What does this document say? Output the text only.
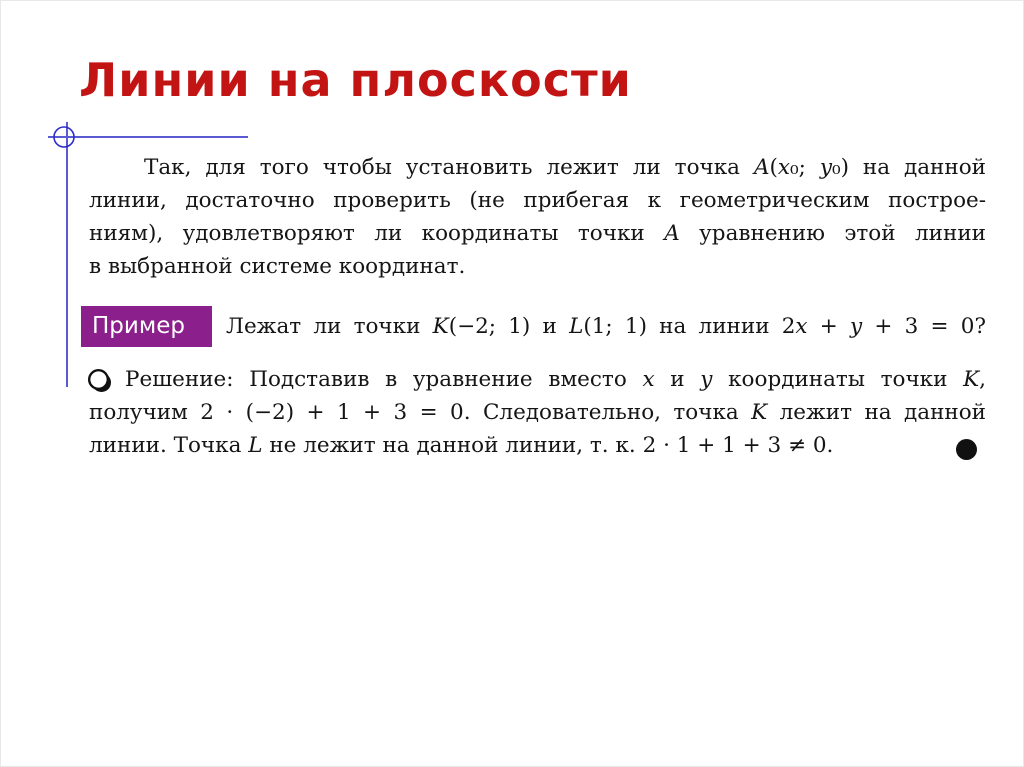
Линии на плоскости
Так, для того чтобы установить лежит ли точка A(x₀; y₀) на данной
линии, достаточно проверить (не прибегая к геометрическим построе-
ниям), удовлетворяют ли координаты точки A уравнению этой линии
в выбранной системе координат.
Пример	Лежат ли точки K(−2; 1) и L(1; 1) на линии 2x + y + 3 = 0?
Решение: Подставив в уравнение вместо x и y координаты точки K,
получим 2 · (−2) + 1 + 3 = 0. Следовательно, точка K лежит на данной
линии. Точка L не лежит на данной линии, т. к. 2 · 1 + 1 + 3 ≠ 0.
